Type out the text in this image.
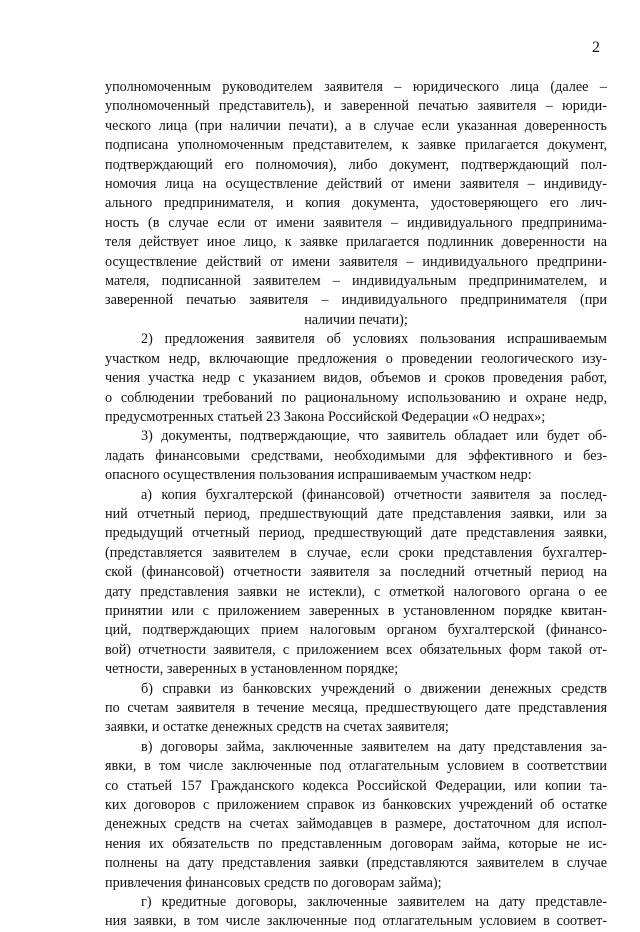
2

уполномоченным руководителем заявителя – юридического лица (далее –
уполномоченный представитель), и заверенной печатью заявителя – юриди-
ческого лица (при наличии печати), а в случае если указанная доверенность
подписана уполномоченным представителем, к заявке прилагается документ,
подтверждающий его полномочия), либо документ, подтверждающий пол-
номочия лица на осуществление действий от имени заявителя – индивиду-
ального предпринимателя, и копия документа, удостоверяющего его лич-
ность (в случае если от имени заявителя – индивидуального предпринима-
теля действует иное лицо, к заявке прилагается подлинник доверенности на
осуществление действий от имени заявителя – индивидуального предприни-
мателя, подписанной заявителем – индивидуальным предпринимателем, и
заверенной печатью заявителя – индивидуального предпринимателя (при
наличии печати);

2) предложения заявителя об условиях пользования испрашиваемым
участком недр, включающие предложения о проведении геологического изу-
чения участка недр с указанием видов, объемов и сроков проведения работ,
о соблюдении требований по рациональному использованию и охране недр,
предусмотренных статьей 23 Закона Российской Федерации «О недрах»;

3) документы, подтверждающие, что заявитель обладает или будет об-
ладать финансовыми средствами, необходимыми для эффективного и без-
опасного осуществления пользования испрашиваемым участком недр:

а) копия бухгалтерской (финансовой) отчетности заявителя за послед-
ний отчетный период, предшествующий дате представления заявки, или за
предыдущий отчетный период, предшествующий дате представления заявки,
(представляется заявителем в случае, если сроки представления бухгалтер-
ской (финансовой) отчетности заявителя за последний отчетный период на
дату представления заявки не истекли), с отметкой налогового органа о ее
принятии или с приложением заверенных в установленном порядке квитан-
ций, подтверждающих прием налоговым органом бухгалтерской (финансо-
вой) отчетности заявителя, с приложением всех обязательных форм такой от-
четности, заверенных в установленном порядке;

б) справки из банковских учреждений о движении денежных средств
по счетам заявителя в течение месяца, предшествующего дате представления
заявки, и остатке денежных средств на счетах заявителя;

в) договоры займа, заключенные заявителем на дату представления за-
явки, в том числе заключенные под отлагательным условием в соответствии
со статьей 157 Гражданского кодекса Российской Федерации, или копии та-
ких договоров с приложением справок из банковских учреждений об остатке
денежных средств на счетах займодавцев в размере, достаточном для испол-
нения их обязательств по представленным договорам займа, которые не ис-
полнены на дату представления заявки (представляются заявителем в случае
привлечения финансовых средств по договорам займа);

г) кредитные договоры, заключенные заявителем на дату представле-
ния заявки, в том числе заключенные под отлагательным условием в соответ-
